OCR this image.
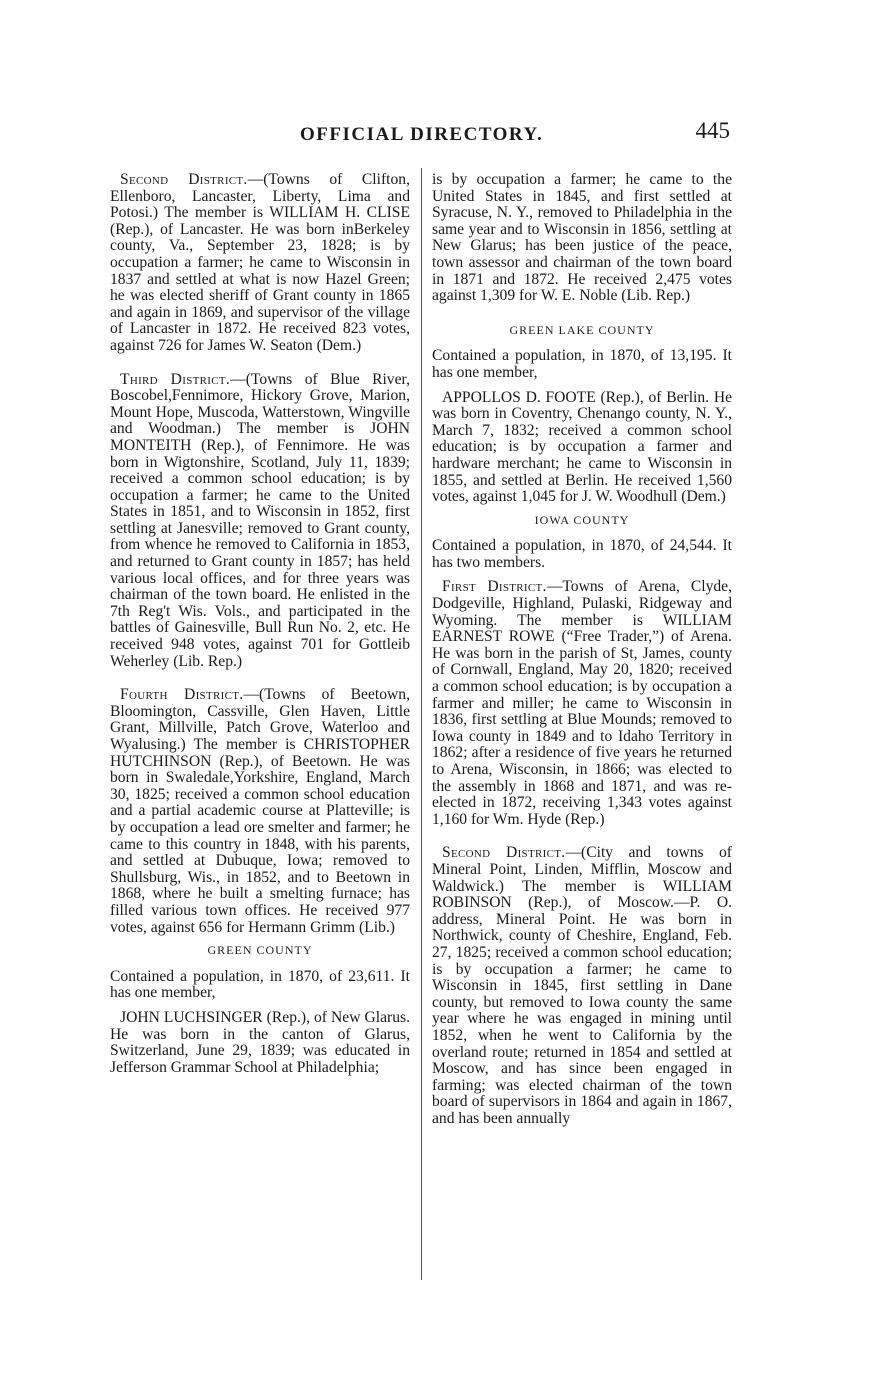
OFFICIAL DIRECTORY.	445

Second District.—(Towns of Clifton, Ellenboro, Lancaster, Liberty, Lima and Potosi.) The member is WILLIAM H. CLISE (Rep.), of Lancaster. He was born inBerkeley county, Va., September 23, 1828; is by occupation a farmer; he came to Wisconsin in 1837 and settled at what is now Hazel Green; he was elected sheriff of Grant county in 1865 and again in 1869, and supervisor of the village of Lancaster in 1872. He received 823 votes, against 726 for James W. Seaton (Dem.)

Third District.—(Towns of Blue River, Boscobel,Fennimore, Hickory Grove, Marion, Mount Hope, Muscoda, Watterstown, Wingville and Woodman.) The member is JOHN MONTEITH (Rep.), of Fennimore. He was born in Wigtonshire, Scotland, July 11, 1839; received a common school education; is by occupation a farmer; he came to the United States in 1851, and to Wisconsin in 1852, first settling at Janesville; removed to Grant county, from whence he removed to California in 1853, and returned to Grant county in 1857; has held various local offices, and for three years was chairman of the town board. He enlisted in the 7th Reg't Wis. Vols., and participated in the battles of Gainesville, Bull Run No. 2, etc. He received 948 votes, against 701 for Gottleib Weherley (Lib. Rep.)

Fourth District.—(Towns of Beetown, Bloomington, Cassville, Glen Haven, Little Grant, Millville, Patch Grove, Waterloo and Wyalusing.) The member is CHRISTOPHER HUTCHINSON (Rep.), of Beetown. He was born in Swaledale,Yorkshire, England, March 30, 1825; received a common school education and a partial academic course at Platteville; is by occupation a lead ore smelter and farmer; he came to this country in 1848, with his parents, and settled at Dubuque, Iowa; removed to Shullsburg, Wis., in 1852, and to Beetown in 1868, where he built a smelting furnace; has filled various town offices. He received 977 votes, against 656 for Hermann Grimm (Lib.)

GREEN COUNTY

Contained a population, in 1870, of 23,611. It has one member,

JOHN LUCHSINGER (Rep.), of New Glarus. He was born in the canton of Glarus, Switzerland, June 29, 1839; was educated in Jefferson Grammar School at Philadelphia;

is by occupation a farmer; he came to the United States in 1845, and first settled at Syracuse, N. Y., removed to Philadelphia in the same year and to Wisconsin in 1856, settling at New Glarus; has been justice of the peace, town assessor and chairman of the town board in 1871 and 1872. He received 2,475 votes against 1,309 for W. E. Noble (Lib. Rep.)

GREEN LAKE COUNTY

Contained a population, in 1870, of 13,195. It has one member,

APPOLLOS D. FOOTE (Rep.), of Berlin. He was born in Coventry, Chenango county, N. Y., March 7, 1832; received a common school education; is by occupation a farmer and hardware merchant; he came to Wisconsin in 1855, and settled at Berlin. He received 1,560 votes, against 1,045 for J. W. Woodhull (Dem.)

IOWA COUNTY

Contained a population, in 1870, of 24,544. It has two members.

First District.—Towns of Arena, Clyde, Dodgeville, Highland, Pulaski, Ridgeway and Wyoming. The member is WILLIAM EARNEST ROWE (“Free Trader,”) of Arena. He was born in the parish of St, James, county of Cornwall, England, May 20, 1820; received a common school education; is by occupation a farmer and miller; he came to Wisconsin in 1836, first settling at Blue Mounds; removed to Iowa county in 1849 and to Idaho Territory in 1862; after a residence of five years he returned to Arena, Wisconsin, in 1866; was elected to the assembly in 1868 and 1871, and was re-elected in 1872, receiving 1,343 votes against 1,160 for Wm. Hyde (Rep.)

Second District.—(City and towns of Mineral Point, Linden, Mifflin, Moscow and Waldwick.) The member is WILLIAM ROBINSON (Rep.), of Moscow.—P. O. address, Mineral Point. He was born in Northwick, county of Cheshire, England, Feb. 27, 1825; received a common school education; is by occupation a farmer; he came to Wisconsin in 1845, first settling in Dane county, but removed to Iowa county the same year where he was engaged in mining until 1852, when he went to California by the overland route; returned in 1854 and settled at Moscow, and has since been engaged in farming; was elected chairman of the town board of supervisors in 1864 and again in 1867, and has been annually
